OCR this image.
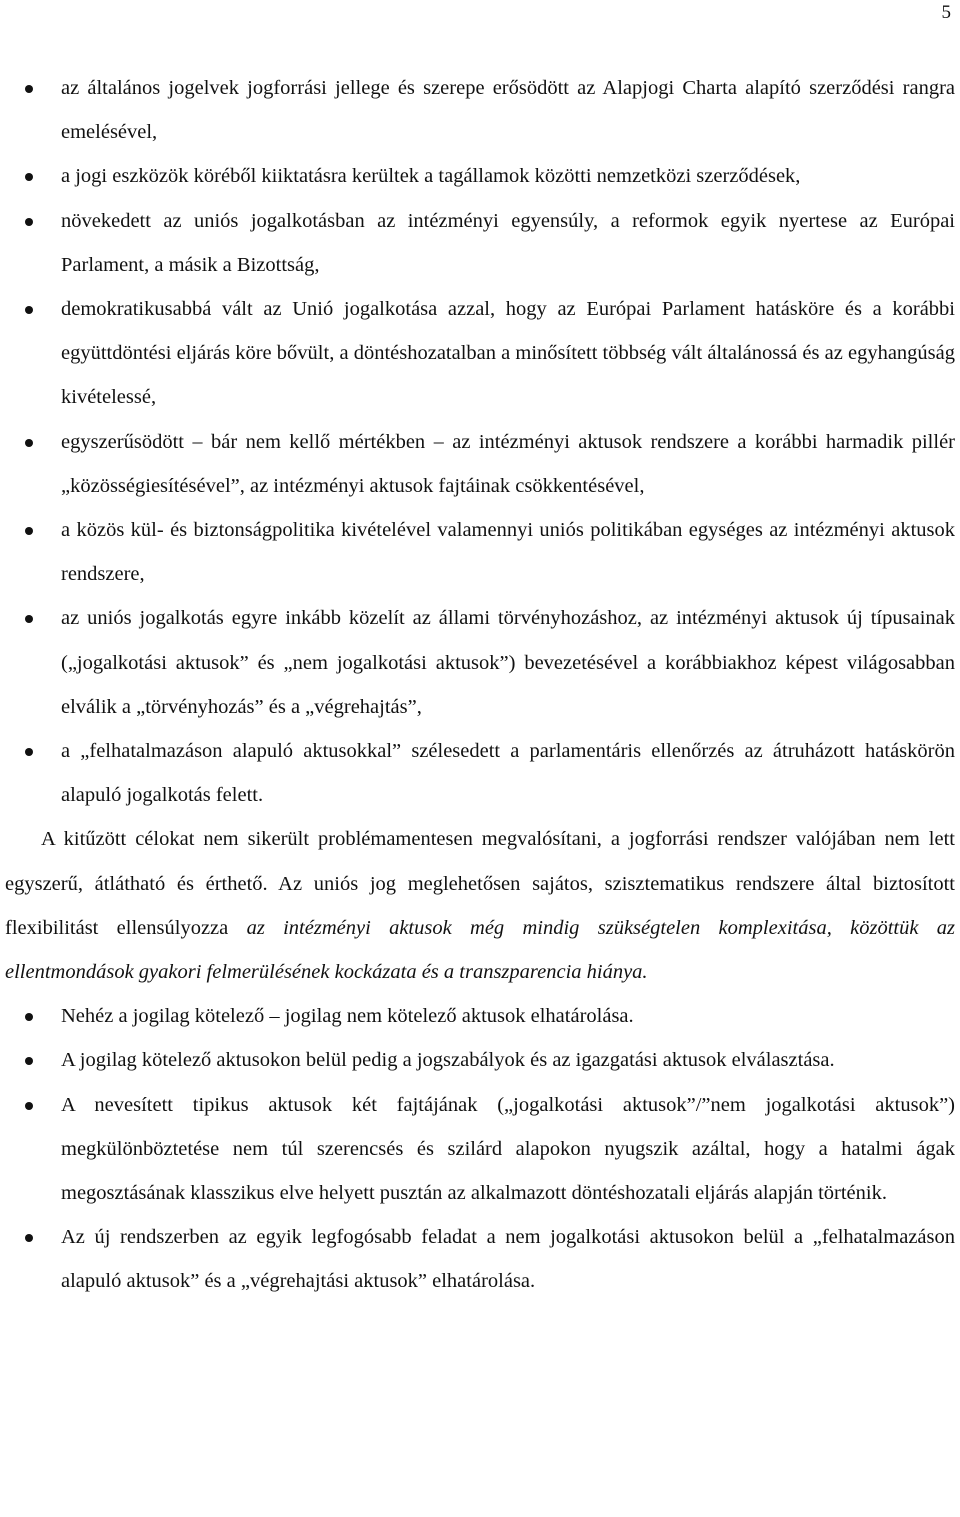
5
az általános jogelvek jogforrási jellege és szerepe erősödött az Alapjogi Charta alapító szerződési rangra emelésével,
a jogi eszközök köréből kiiktatásra kerültek a tagállamok közötti nemzetközi szerződések,
növekedett az uniós jogalkotásban az intézményi egyensúly, a reformok egyik nyertese az Európai Parlament, a másik a Bizottság,
demokratikusabbá vált az Unió jogalkotása azzal, hogy az Európai Parlament hatásköre és a korábbi együttdöntési eljárás köre bővült, a döntéshozatalban a minősített többség vált általánossá és az egyhangúság kivételessé,
egyszerűsödött ⎯ bár nem kellő mértékben ⎯ az intézményi aktusok rendszere a korábbi harmadik pillér „közösségiesítésével”, az intézményi aktusok fajtáinak csökkentésével,
a közös kül- és biztonságpolitika kivételével valamennyi uniós politikában egységes az intézményi aktusok rendszere,
az uniós jogalkotás egyre inkább közelít az állami törvényhozáshoz, az intézményi aktusok új típusainak („jogalkotási aktusok” és „nem jogalkotási aktusok”) bevezetésével a korábbiakhoz képest világosabban elválik a „törvényhozás” és a „végrehajtás”,
a „felhatalmazáson alapuló aktusokkal” szélesedett a parlamentáris ellenőrzés az átruházott hatáskörön alapuló jogalkotás felett.

A kitűzött célokat nem sikerült problémamentesen megvalósítani, a jogforrási rendszer valójában nem lett egyszerű, átlátható és érthető. Az uniós jog meglehetősen sajátos, szisztematikus rendszere által biztosított flexibilitást ellensúlyozza az intézményi aktusok még mindig szükségtelen komplexitása, közöttük az ellentmondások gyakori felmerülésének kockázata és a transzparencia hiánya.

Nehéz a jogilag kötelező – jogilag nem kötelező aktusok elhatárolása.
A jogilag kötelező aktusokon belül pedig a jogszabályok és az igazgatási aktusok elválasztása.
A nevesített tipikus aktusok két fajtájának („jogalkotási aktusok”/”nem jogalkotási aktusok”) megkülönböztetése nem túl szerencsés és szilárd alapokon nyugszik azáltal, hogy a hatalmi ágak megosztásának klasszikus elve helyett pusztán az alkalmazott döntéshozatali eljárás alapján történik.
Az új rendszerben az egyik legfogósabb feladat a nem jogalkotási aktusokon belül a „felhatalmazáson alapuló aktusok” és a „végrehajtási aktusok” elhatárolása.
